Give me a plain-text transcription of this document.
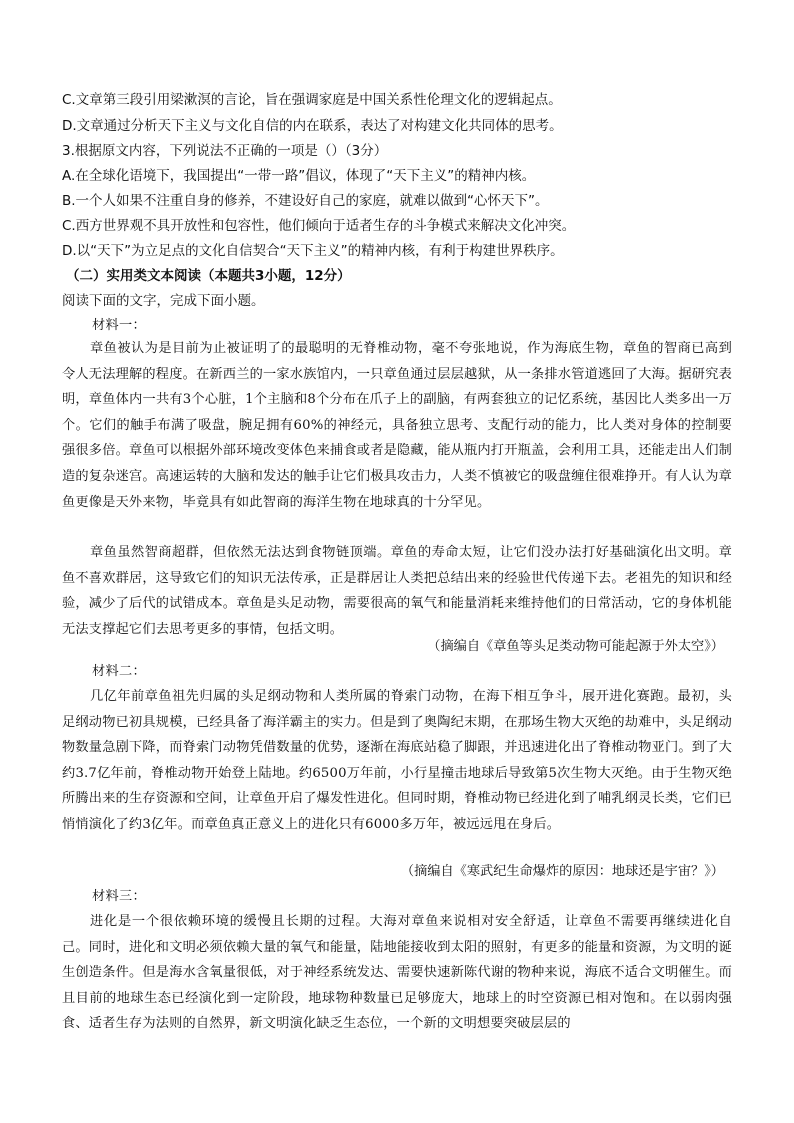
C.文章第三段引用梁漱溟的言论，旨在强调家庭是中国关系性伦理文化的逻辑起点。
D.文章通过分析天下主义与文化自信的内在联系，表达了对构建文化共同体的思考。
3.根据原文内容，下列说法不正确的一项是（）（3分）
A.在全球化语境下，我国提出“一带一路”倡议，体现了“天下主义”的精神内核。
B.一个人如果不注重自身的修养，不建设好自己的家庭，就难以做到“心怀天下”。
C.西方世界观不具开放性和包容性，他们倾向于适者生存的斗争模式来解决文化冲突。
D.以“天下”为立足点的文化自信契合“天下主义”的精神内核，有利于构建世界秩序。
（二）实用类文本阅读（本题共3小题，12分）
阅读下面的文字，完成下面小题。
材料一：
章鱼被认为是目前为止被证明了的最聪明的无脊椎动物，毫不夸张地说，作为海底生物，章鱼的智商已高到令人无法理解的程度。在新西兰的一家水族馆内，一只章鱼通过层层越狱，从一条排水管道逃回了大海。据研究表明，章鱼体内一共有3个心脏，1个主脑和8个分布在爪子上的副脑，有两套独立的记忆系统，基因比人类多出一万个。它们的触手布满了吸盘，腕足拥有60%的神经元，具备独立思考、支配行动的能力，比人类对身体的控制要强很多倍。章鱼可以根据外部环境改变体色来捕食或者是隐藏，能从瓶内打开瓶盖，会利用工具，还能走出人们制造的复杂迷宫。高速运转的大脑和发达的触手让它们极具攻击力，人类不慎被它的吸盘缠住很难挣开。有人认为章鱼更像是天外来物，毕竟具有如此智商的海洋生物在地球真的十分罕见。
章鱼虽然智商超群，但依然无法达到食物链顶端。章鱼的寿命太短，让它们没办法打好基础演化出文明。章鱼不喜欢群居，这导致它们的知识无法传承，正是群居让人类把总结出来的经验世代传递下去。老祖先的知识和经验，减少了后代的试错成本。章鱼是头足动物，需要很高的氧气和能量消耗来维持他们的日常活动，它的身体机能无法支撑起它们去思考更多的事情，包括文明。
（摘编自《章鱼等头足类动物可能起源于外太空》）
材料二：
几亿年前章鱼祖先归属的头足纲动物和人类所属的脊索门动物，在海下相互争斗，展开进化赛跑。最初，头足纲动物已初具规模，已经具备了海洋霸主的实力。但是到了奥陶纪末期，在那场生物大灭绝的劫难中，头足纲动物数量急剧下降，而脊索门动物凭借数量的优势，逐渐在海底站稳了脚跟，并迅速进化出了脊椎动物亚门。到了大约3.7亿年前，脊椎动物开始登上陆地。约6500万年前，小行星撞击地球后导致第5次生物大灭绝。由于生物灭绝所腾出来的生存资源和空间，让章鱼开启了爆发性进化。但同时期，脊椎动物已经进化到了哺乳纲灵长类，它们已悄悄演化了约3亿年。而章鱼真正意义上的进化只有6000多万年，被远远甩在身后。
（摘编自《寒武纪生命爆炸的原因：地球还是宇宙？》）
材料三：
进化是一个很依赖环境的缓慢且长期的过程。大海对章鱼来说相对安全舒适，让章鱼不需要再继续进化自己。同时，进化和文明必须依赖大量的氧气和能量，陆地能接收到太阳的照射，有更多的能量和资源，为文明的诞生创造条件。但是海水含氧量很低，对于神经系统发达、需要快速新陈代谢的物种来说，海底不适合文明催生。而且目前的地球生态已经演化到一定阶段，地球物种数量已足够庞大，地球上的时空资源已相对饱和。在以弱肉强食、适者生存为法则的自然界，新文明演化缺乏生态位，一个新的文明想要突破层层的
